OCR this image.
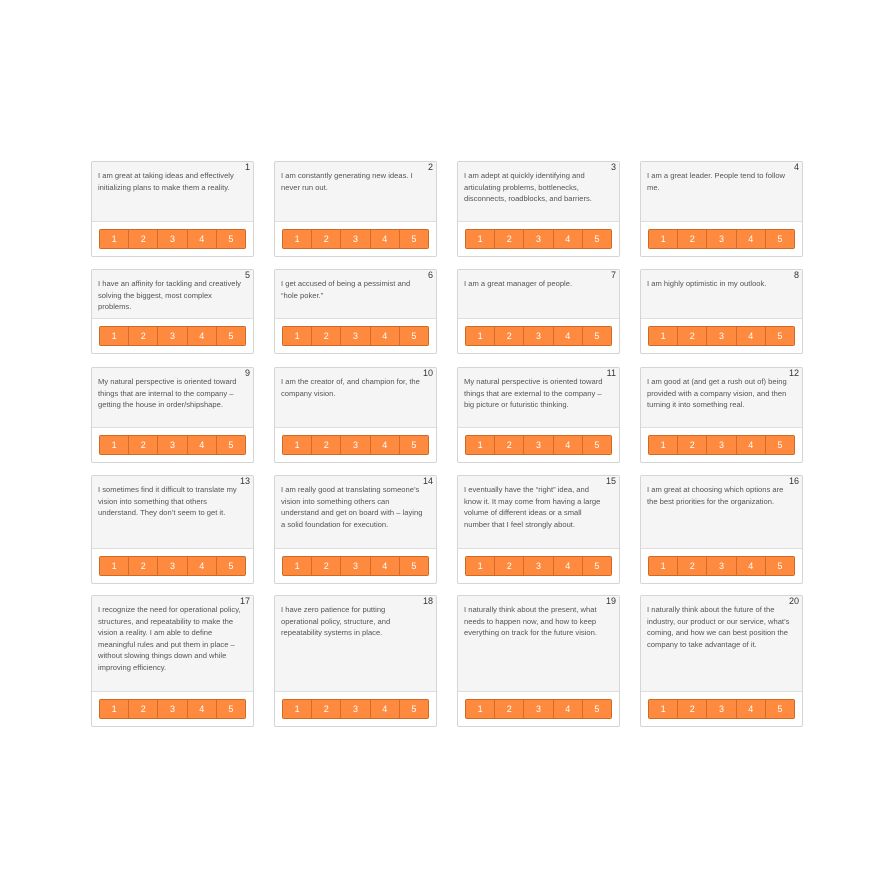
1

I am great at taking ideas and effectively initializing plans to make them a reality.

1	2	3	4	5
2

I am constantly generating new ideas. I never run out.

1	2	3	4	5
3

I am adept at quickly identifying and articulating problems, bottlenecks, disconnects, roadblocks, and barriers.

1	2	3	4	5
4

I am a great leader. People tend to follow me.

1	2	3	4	5
5

I have an affinity for tackling and creatively solving the biggest, most complex problems.

1	2	3	4	5
6

I get accused of being a pessimist and “hole poker.”

1	2	3	4	5
7

I am a great manager of people.

1	2	3	4	5
8

I am highly optimistic in my outlook.

1	2	3	4	5
9

My natural perspective is oriented toward things that are internal to the company – getting the house in order/shipshape.

1	2	3	4	5
10

I am the creator of, and champion for, the company vision.

1	2	3	4	5
11

My natural perspective is oriented toward things that are external to the company – big picture or futuristic thinking.

1	2	3	4	5
12

I am good at (and get a rush out of) being provided with a company vision, and then turning it into something real.

1	2	3	4	5
13

I sometimes find it difficult to translate my vision into something that others understand. They don’t seem to get it.

1	2	3	4	5
14

I am really good at translating someone’s vision into something others can understand and get on board with – laying a solid foundation for execution.

1	2	3	4	5
15

I eventually have the “right” idea, and know it. It may come from having a large volume of different ideas or a small number that I feel strongly about.

1	2	3	4	5
16

I am great at choosing which options are the best priorities for the organization.

1	2	3	4	5
17

I recognize the need for operational policy, structures, and repeatability to make the vision a reality. I am able to define meaningful rules and put them in place – without slowing things down and while improving efficiency.

1	2	3	4	5
18

I have zero patience for putting operational policy, structure, and repeatability systems in place.

1	2	3	4	5
19

I naturally think about the present, what needs to happen now, and how to keep everything on track for the future vision.

1	2	3	4	5
20

I naturally think about the future of the industry, our product or our service, what’s coming, and how we can best position the company to take advantage of it.

1	2	3	4	5
